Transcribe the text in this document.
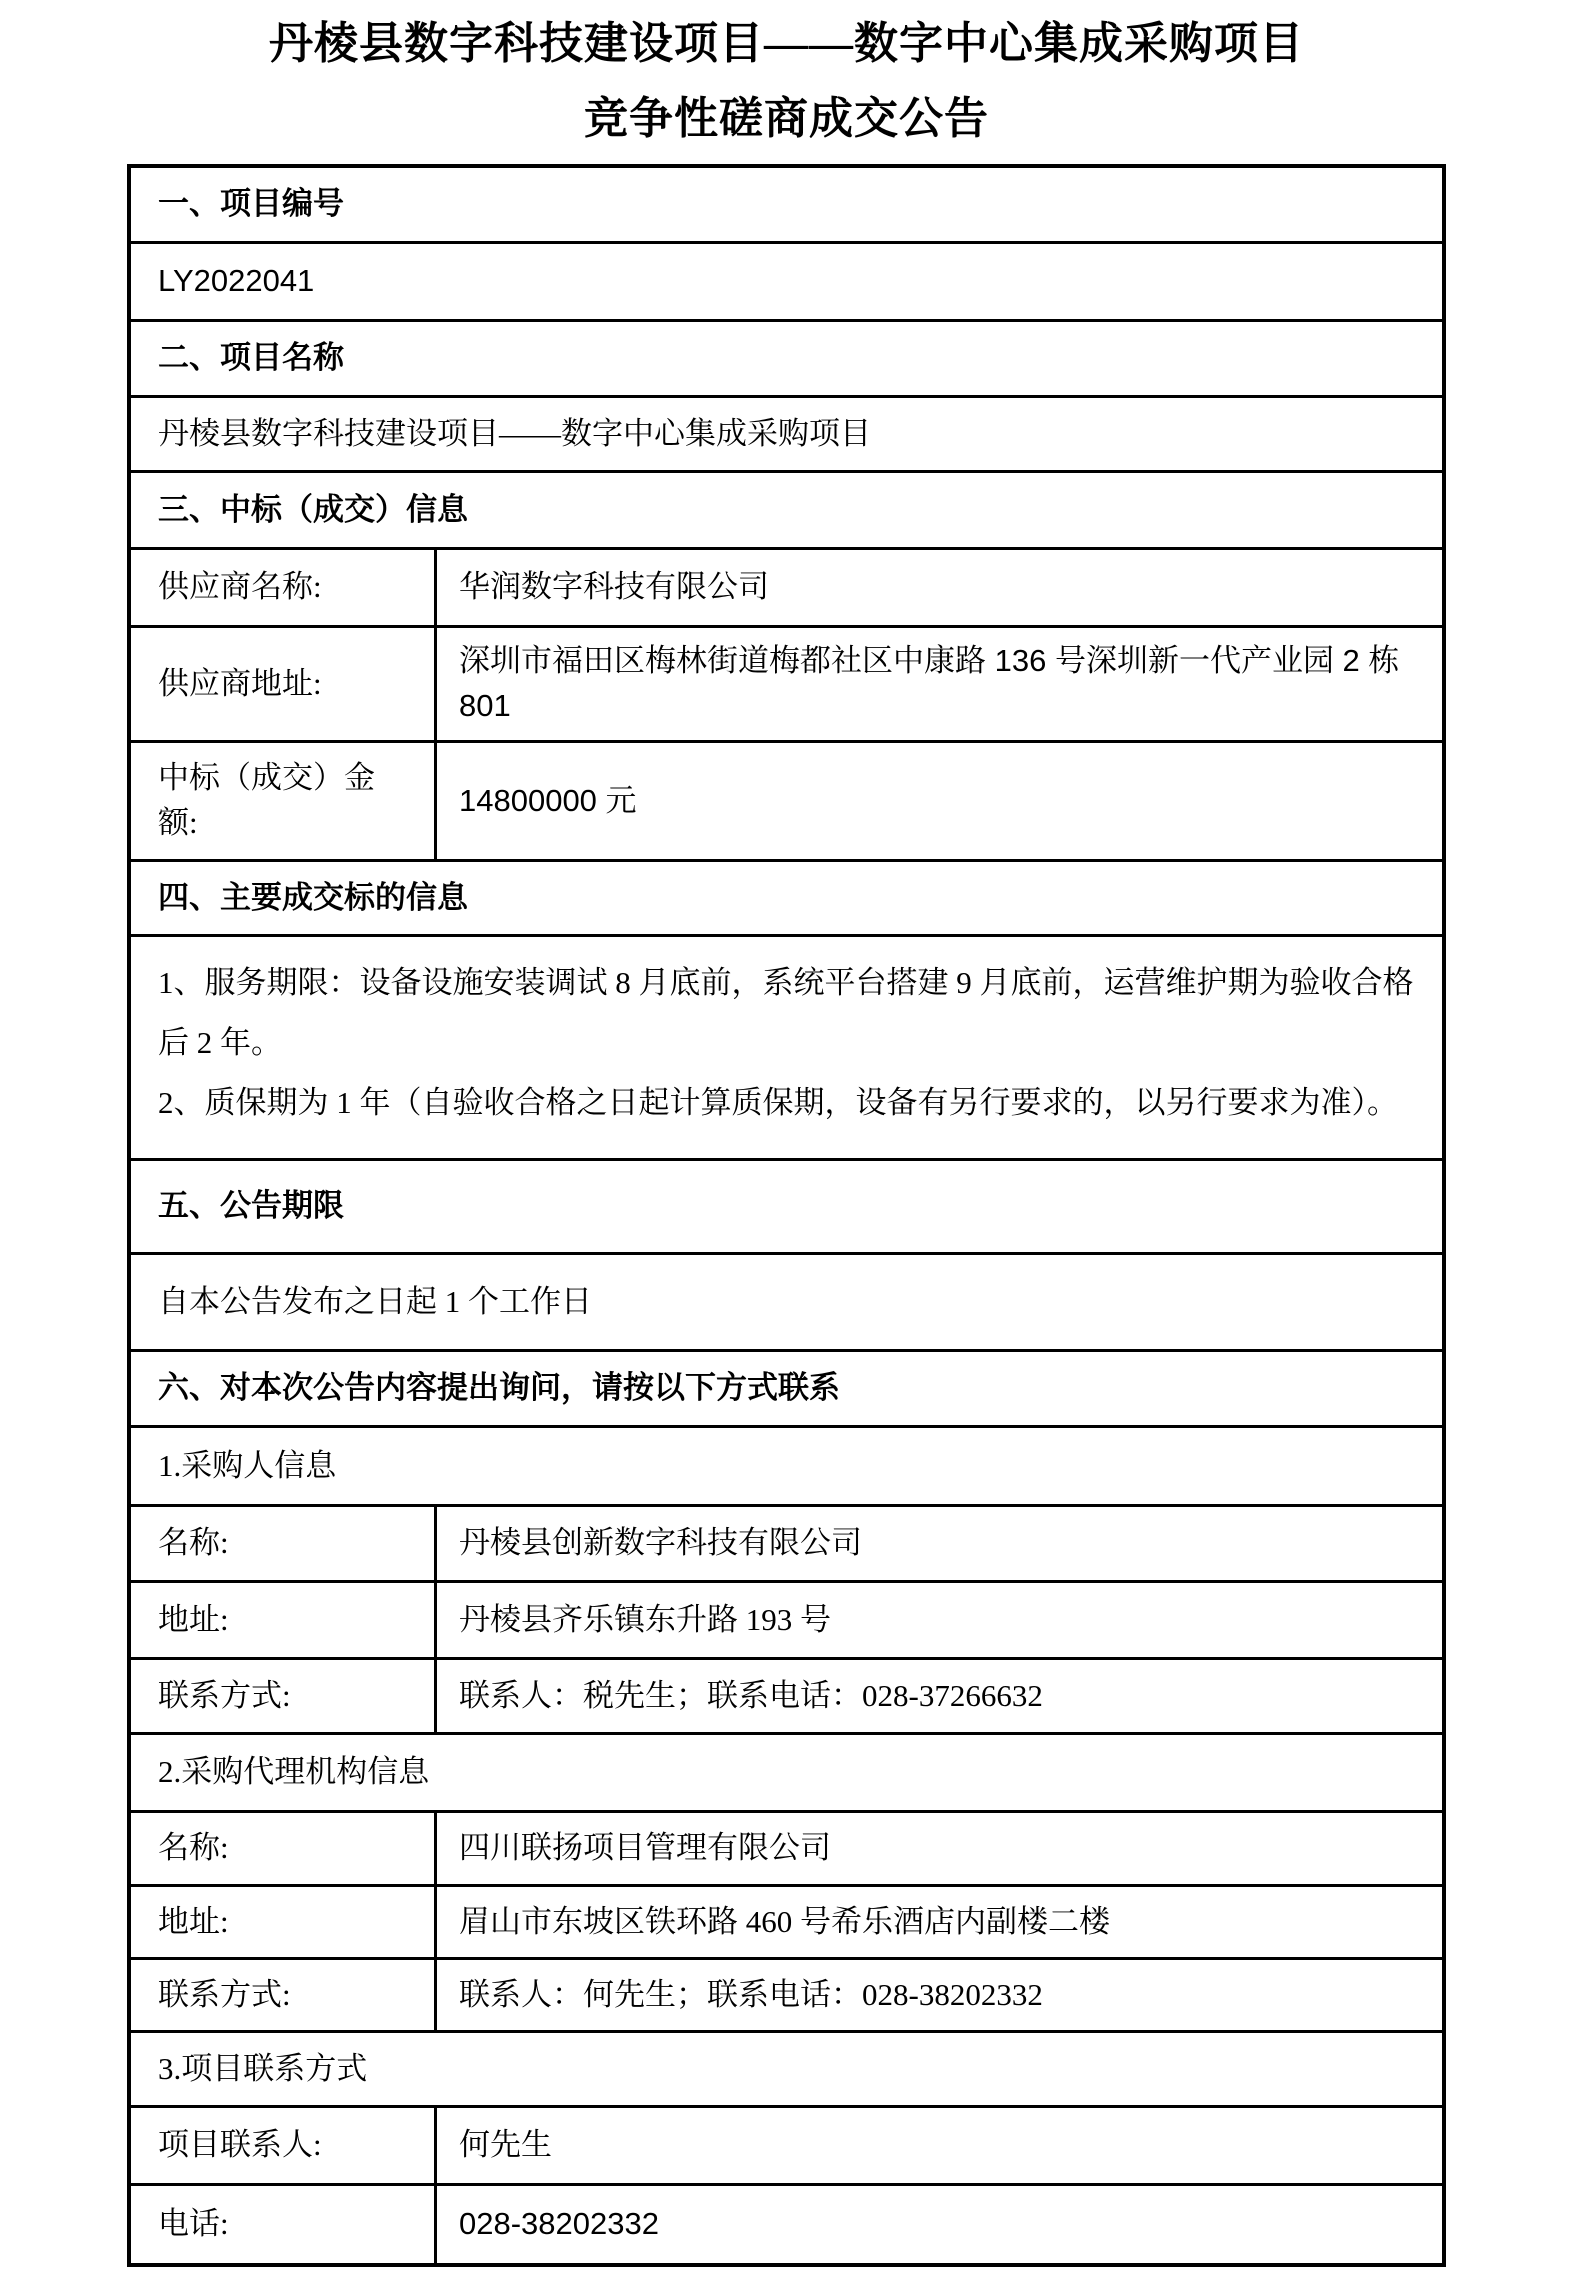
丹棱县数字科技建设项目——数字中心集成采购项目
竞争性磋商成交公告
一、项目编号
LY2022041
二、项目名称
丹棱县数字科技建设项目——数字中心集成采购项目
三、中标（成交）信息
供应商名称:	华润数字科技有限公司
供应商地址:
深圳市福田区梅林街道梅都社区中康路 136 号深圳新一代产业园 2 栋 801
中标（成交）金额:
14800000 元
四、主要成交标的信息
1、服务期限：设备设施安装调试 8 月底前，系统平台搭建 9 月底前，运营维护期为验收合格后 2 年。
2、质保期为 1 年（自验收合格之日起计算质保期，设备有另行要求的，以另行要求为准）。
五、公告期限
自本公告发布之日起 1 个工作日
六、对本次公告内容提出询问，请按以下方式联系
1.采购人信息
名称:	丹棱县创新数字科技有限公司
地址:	丹棱县齐乐镇东升路 193 号
联系方式:	联系人：税先生；联系电话：028-37266632
2.采购代理机构信息
名称:	四川联扬项目管理有限公司
地址:	眉山市东坡区铁环路 460 号希乐酒店内副楼二楼
联系方式:	联系人：何先生；联系电话：028-38202332
3.项目联系方式
项目联系人:	何先生
电话:	028-38202332
